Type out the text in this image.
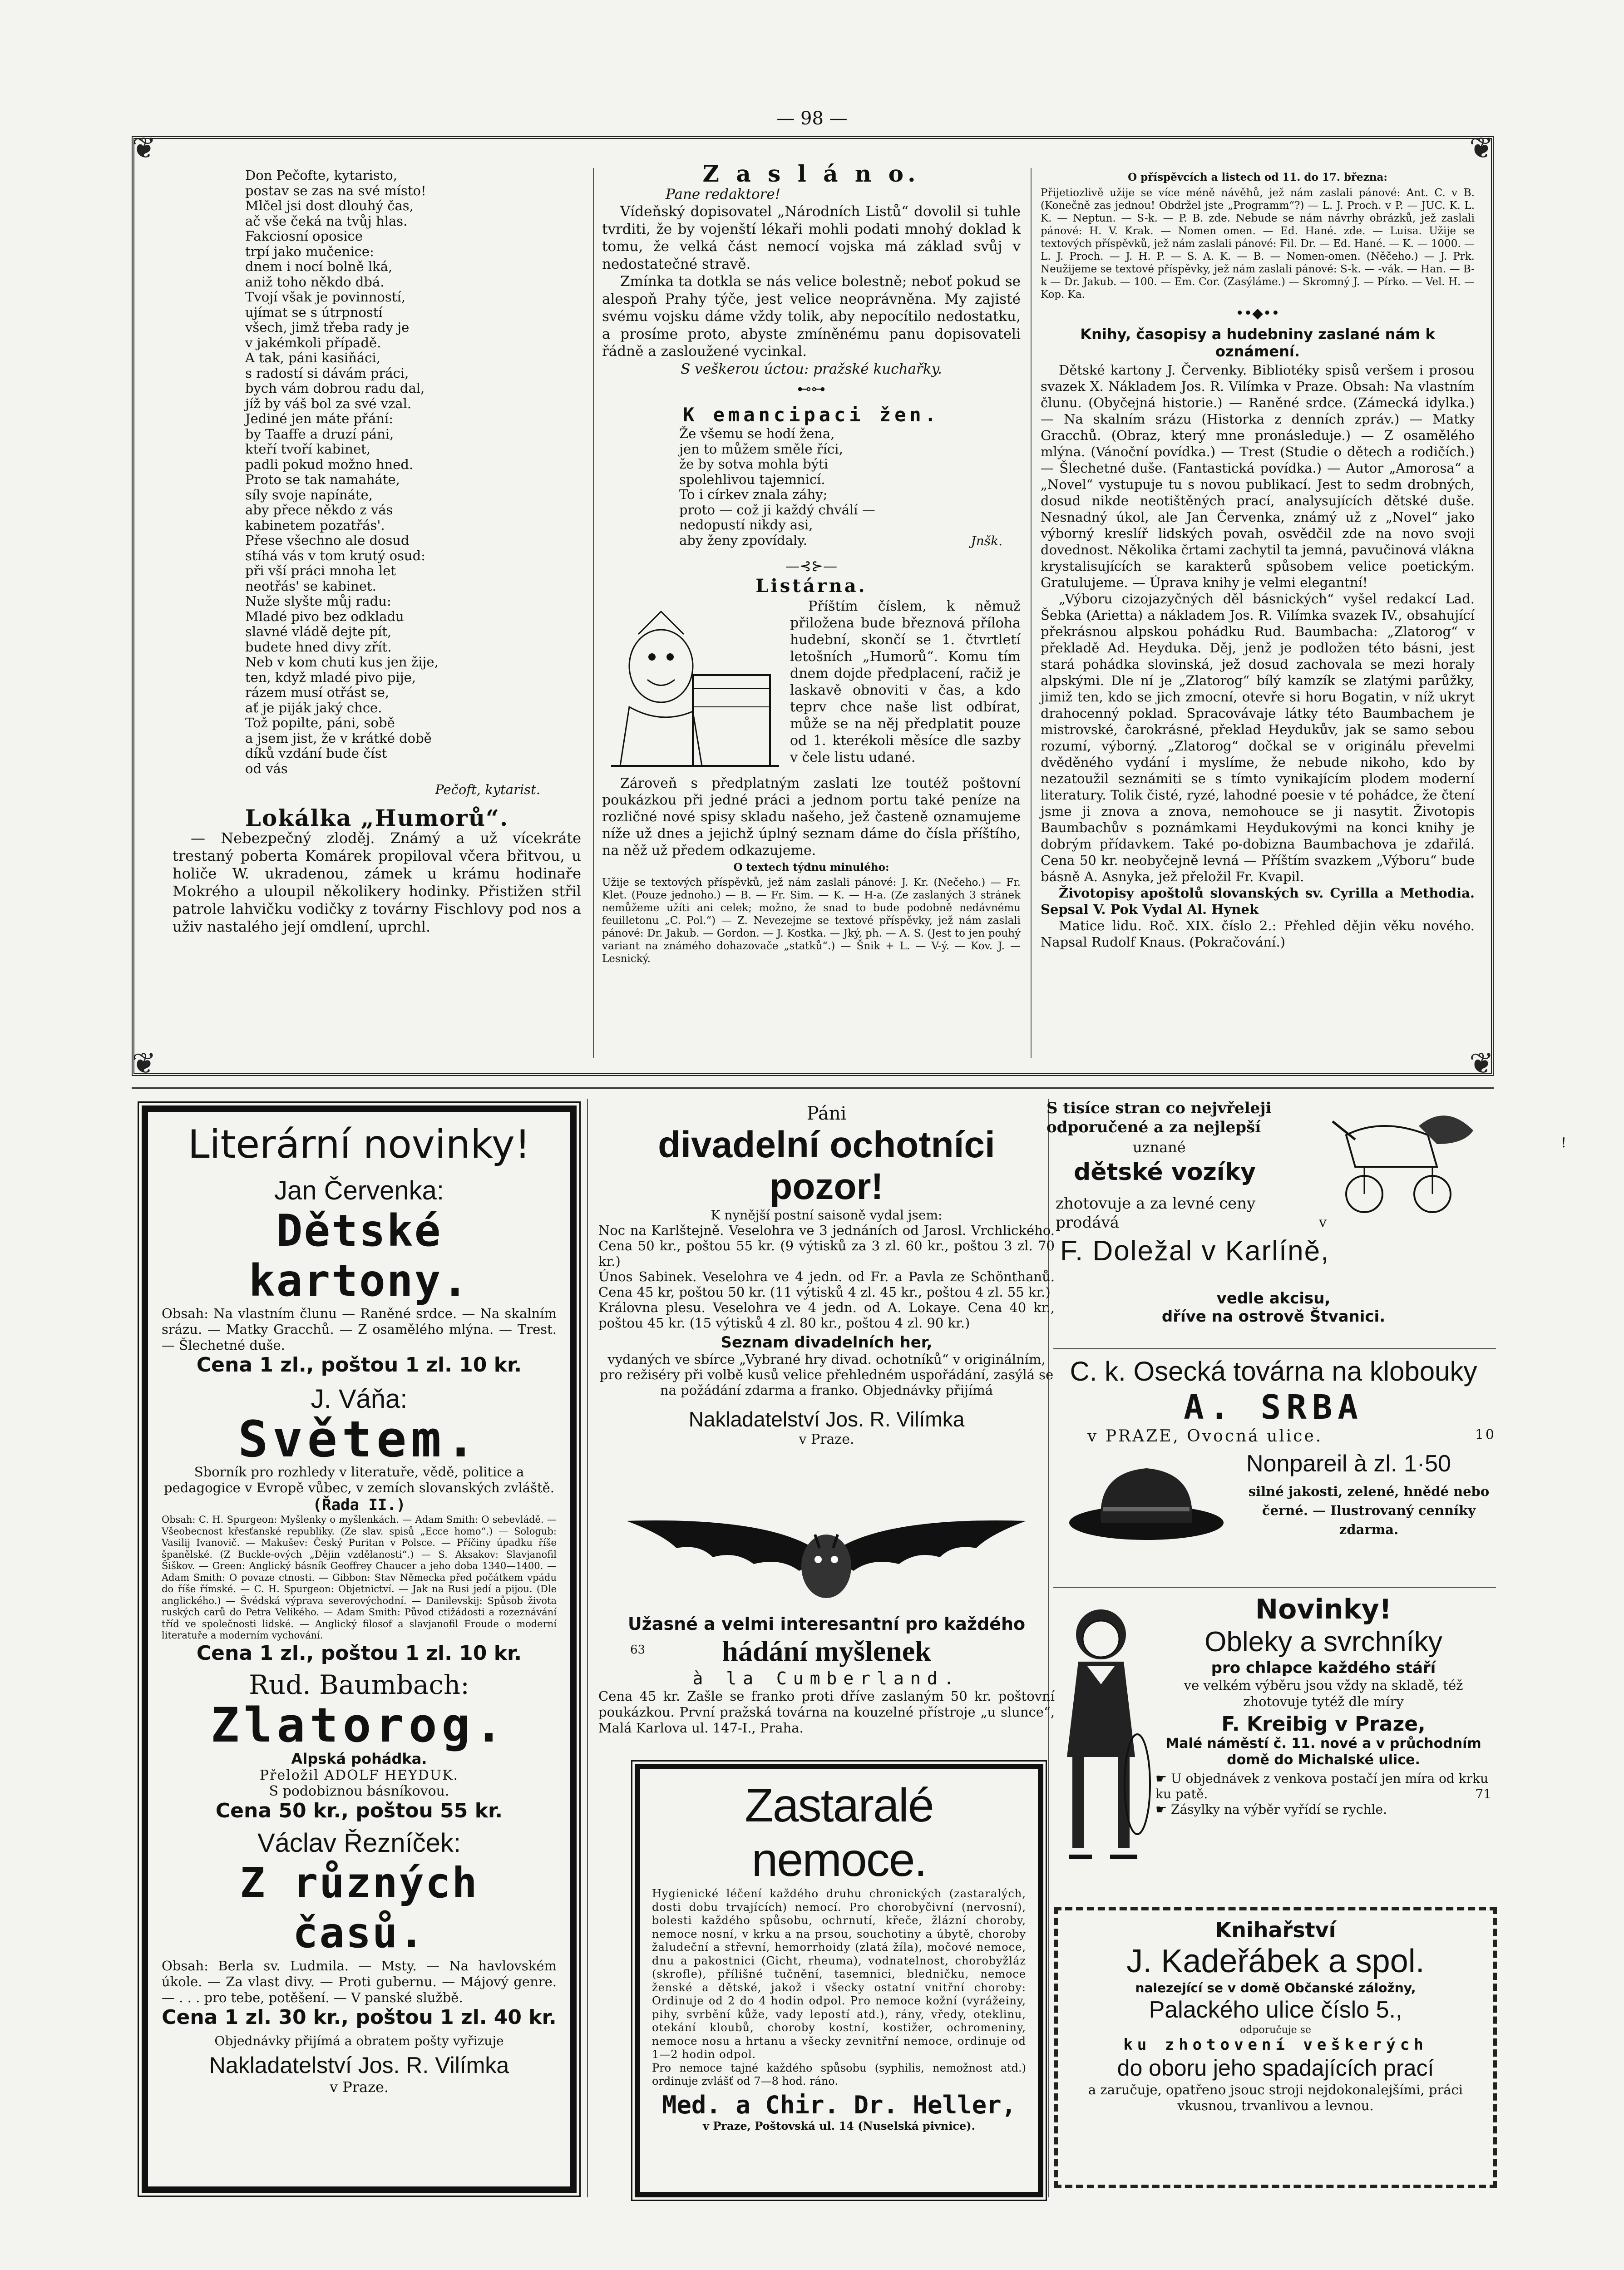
— 98 —
❦	❦
❦	❦
Don Pečofte, kytaristo,
postav se zas na své místo!
Mlčel jsi dost dlouhý čas,
ač vše čeká na tvůj hlas.
Fakciosní oposice
trpí jako mučenice:
dnem i nocí bolně lká,
aniž toho někdo dbá.
Tvojí však je povinností,
ujímat se s útrpností
všech, jimž třeba rady je
v jakémkoli případě.
A tak, páni kasiňáci,
s radostí si dávám práci,
bych vám dobrou radu dal,
jíž by váš bol za své vzal.
Jediné jen máte přání:
by Taaffe a druzí páni,
kteří tvoří kabinet,
padli pokud možno hned.
Proto se tak namaháte,
síly svoje napínáte,
aby přece někdo z vás
kabinetem pozatřás'.
Přese všechno ale dosud
stíhá vás v tom krutý osud:
při vší práci mnoha let
neotřás' se kabinet.
Nuže slyšte můj radu:
Mladé pivo bez odkladu
slavné vládě dejte pít,
budete hned divy zřít.
Neb v kom chuti kus jen žije,
ten, když mladé pivo pije,
rázem musí otřást se,
ať je piják jaký chce.
Tož popilte, páni, sobě
a jsem jist, že v krátké době
díků vzdání bude číst
od vás
Pečoft, kytarist.
Lokálka „Humorů“.

— Nebezpečný zloděj. Známý a už vícekráte trestaný poberta Komárek propiloval včera břitvou, u holiče W. ukradenou, zámek u krámu hodinaře Mokrého a uloupil několikery hodinky. Přistižen střil patrole lahvičku vodičky z továrny Fischlovy pod nos a uživ nastalého její omdlení, uprchl.

Z a s l á n o.

Pane redaktore!

Vídeňský dopisovatel „Národních Listů“ dovolil si tuhle tvrditi, že by vojenští lékaři mohli podati mnohý doklad k tomu, že velká část nemocí vojska má základ svůj v nedostatečné stravě.

Zmínka ta dotkla se nás velice bolestně; neboť pokud se alespoň Prahy týče, jest velice neoprávněna. My zajisté svému vojsku dáme vždy tolik, aby nepocítilo nedostatku, a prosíme proto, abyste zmíněnému panu dopisovateli řádně a zasloužené vycinkal.

S veškerou úctou: pražské kuchařky.

⊷⊶
K emancipaci žen.
Že všemu se hodí žena,
jen to můžem směle říci,
že by sotva mohla býti
spolehlivou tajemnicí.
To i církev znala záhy;
proto — což ji každý chválí —
nedopustí nikdy asi,
aby ženy zpovídaly.	Jnšk.
—⊰⊱—
Listárna.

Příštím číslem, k němuž přiložena bude březnová příloha hudební, skončí se 1. čtvrtletí letošních „Humorů“. Komu tím dnem dojde předplacení, račiž je laskavě obnoviti v čas, a kdo teprv chce naše list odbírat, může se na něj předplatit pouze od 1. kterékoli měsíce dle sazby v čele listu udané.

Zároveň s předplatným zaslati lze toutéž poštovní poukázkou při jedné práci a jednom portu také peníze na rozličné nové spisy skladu našeho, jež časteně oznamujeme níže už dnes a jejichž úplný seznam dáme do čísla příštího, na něž už předem odkazujeme.

O textech týdnu minulého:

Užije se textových příspěvků, jež nám zaslali pánové: J. Kr. (Nečeho.) — Fr. Klet. (Pouze jednoho.) — B. — Fr. Sim. — K. — H-a. (Ze zaslaných 3 stránek nemůžeme užíti ani celek; možno, že snad to bude podobně nedávnému feuilletonu „C. Pol.“) — Z. Nevezejme se textové příspěvky, jež nám zaslali pánové: Dr. Jakub. — Gordon. — J. Kostka. — Jký, ph. — A. S. (Jest to jen pouhý variant na známého dohazovače „statků“.) — Šnik + L. — V-ý. — Kov. J. — Lesnický.

O příspěvcích a listech od 11. do 17. března:

Přijetiozlivě užije se více méně návěhů, jež nám zaslali pánové: Ant. C. v B. (Konečně zas jednou! Obdržel jste „Programm“?) — L. J. Proch. v P. — JUC. K. L. K. — Neptun. — S-k. — P. B. zde. Nebude se nám návrhy obrázků, jež zaslali pánové: H. V. Krak. — Nomen omen. — Ed. Hané. zde. — Luisa. Užije se textových příspěvků, jež nám zaslali pánové: Fil. Dr. — Ed. Hané. — K. — 1000. — L. J. Proch. — J. H. P. — S. A. K. — B. — Nomen-omen. (Něčeho.) — J. Prk. Neužijeme se textové příspěvky, jež nám zaslali pánové: S-k. — -vák. — Han. — B-k — Dr. Jakub. — 100. — Em. Cor. (Zasýláme.) — Skromný J. — Pírko. — Vel. H. — Kop. Ka.
••◆••

Knihy, časopisy a hudebniny zaslané nám k oznámení.

Dětské kartony J. Červenky. Bibliotéky spisů veršem i prosou svazek X. Nákladem Jos. R. Vilímka v Praze. Obsah: Na vlastním člunu. (Obyčejná historie.) — Raněné srdce. (Zámecká idylka.) — Na skalním srázu (Historka z denních zpráv.) — Matky Gracchů. (Obraz, který mne pronásleduje.) — Z osamělého mlýna. (Vánoční povídka.) — Trest (Studie o dětech a rodičích.) — Šlechetné duše. (Fantastická povídka.) — Autor „Amorosa“ a „Novel“ vystupuje tu s novou publikací. Jest to sedm drobných, dosud nikde neotištěných prací, analysujících dětské duše. Nesnadný úkol, ale Jan Červenka, známý už z „Novel“ jako výborný kreslíř lidských povah, osvědčil zde na novo svoji dovednost. Několika črtami zachytil ta jemná, pavučinová vlákna krystalisujících se karakterů spůsobem velice poetickým. Gratulujeme. — Úprava knihy je velmi elegantní!

„Výboru cizojazyčných děl básnických“ vyšel redakcí Lad. Šebka (Arietta) a nákladem Jos. R. Vilímka svazek IV., obsahující překrásnou alpskou pohádku Rud. Baumbacha: „Zlatorog“ v překladě Ad. Heyduka. Děj, jenž je podložen této básni, jest stará pohádka slovinská, jež dosud zachovala se mezi horaly alpskými. Dle ní je „Zlatorog“ bílý kamzík se zlatými parůžky, jimiž ten, kdo se jich zmocní, otevře si horu Bogatin, v níž ukryt drahocenný poklad. Spracovávaje látky této Baumbachem je mistrovské, čarokrásné, překlad Heydukův, jak se samo sebou rozumí, výborný. „Zlatorog“ dočkal se v originálu převelmi dvěděného vydání i myslíme, že nebude nikoho, kdo by nezatoužil seznámiti se s tímto vynikajícím plodem moderní literatury. Tolik čisté, ryzé, lahodné poesie v té pohádce, že čtení jsme ji znova a znova, nemohouce se ji nasytit. Životopis Baumbachův s poznámkami Heydukovými na konci knihy je dobrým přídavkem. Také po-dobizna Baumbachova je zdařilá. Cena 50 kr. neobyčejně levná — Příštím svazkem „Výboru“ bude básně A. Asnyka, jež přeložil Fr. Kvapil.

Životopisy apoštolů slovanských sv. Cyrilla a Methodia. Sepsal V. Pok Vydal Al. Hynek

Matice lidu. Roč. XIX. číslo 2.: Přehled dějin věku nového. Napsal Rudolf Knaus. (Pokračování.)

Literární novinky!
Jan Červenka:
Dětské kartony.
Obsah: Na vlastním člunu — Raněné srdce. — Na skalním srázu. — Matky Gracchů. — Z osamělého mlýna. — Trest. — Šlechetné duše.
Cena 1 zl., poštou 1 zl. 10 kr.
J. Váňa:
Světem.
Sborník pro rozhledy v literatuře, vědě, politice a pedagogice v Evropě vůbec, v zemích slovanských zvláště.
(Řada II.)
Obsah: C. H. Spurgeon: Myšlenky o myšlenkách. — Adam Smith: O sebevládě. — Všeobecnost křesťanské republiky. (Ze slav. spisů „Ecce homo“.) — Sologub: Vasilij Ivanovič. — Makušev: Český Puritan v Polsce. — Příčiny úpadku říše španělské. (Z Buckle-ových „Dějin vzdělanosti“.) — S. Aksakov: Slavjanofil Šiškov. — Green: Anglický básník Geoffrey Chaucer a jeho doba 1340—1400. — Adam Smith: O povaze ctnosti. — Gibbon: Stav Německa před počátkem vpádu do říše římské. — C. H. Spurgeon: Objetnictví. — Jak na Rusi jedí a pijou. (Dle anglického.) — Švédská výprava severovýchodní. — Danilevskij: Spůsob života ruských carů do Petra Velikého. — Adam Smith: Původ ctižádosti a rozeznávání tříd ve společnosti lidské. — Anglický filosof a slavjanofil Froude o moderní literatuře a moderním vychování.
Cena 1 zl., poštou 1 zl. 10 kr.
Rud. Baumbach:
Zlatorog.
Alpská pohádka.
Přeložil ADOLF HEYDUK.
S podobiznou básníkovou.
Cena 50 kr., poštou 55 kr.
Václav Řezníček:
Z různých časů.
Obsah: Berla sv. Ludmila. — Msty. — Na havlovském úkole. — Za vlast divy. — Proti gubernu. — Májový genre. — . . . pro tebe, potěšení. — V panské službě.
Cena 1 zl. 30 kr., poštou 1 zl. 40 kr.
Objednávky přijímá a obratem pošty vyřizuje
Nakladatelství Jos. R. Vilímka
v Praze.
Páni
divadelní ochotníci pozor!
K nynější postní saisoně vydal jsem:
Noc na Karlštejně. Veselohra ve 3 jednáních od Jarosl. Vrchlického. Cena 50 kr., poštou 55 kr. (9 výtisků za 3 zl. 60 kr., poštou 3 zl. 70 kr.)
Únos Sabinek. Veselohra ve 4 jedn. od Fr. a Pavla ze Schönthanů. Cena 45 kr, poštou 50 kr. (11 výtisků 4 zl. 45 kr., poštou 4 zl. 55 kr.)
Královna plesu. Veselohra ve 4 jedn. od A. Lokaye. Cena 40 kr., poštou 45 kr. (15 výtisků 4 zl. 80 kr., poštou 4 zl. 90 kr.)
Seznam divadelních her,
vydaných ve sbírce „Vybrané hry divad. ochotníků“ v originálním, pro režiséry při volbě kusů velice přehledném uspořádání, zasýlá se na požádání zdarma a franko. Objednávky přijímá
Nakladatelství Jos. R. Vilímka
v Praze.
Užasné a velmi interesantní pro každého
63	hádání myšlenek
à la Cumberland.
Cena 45 kr. Zašle se franko proti dříve zaslaným 50 kr. poštovní poukázkou. První pražská továrna na kouzelné přístroje „u slunce“, Malá Karlova ul. 147-I., Praha.
Zastaralé nemoce.
Hygienické léčení každého druhu chronických (zastaralých, dosti dobu trvajících) nemocí. Pro chorobyčivní (nervosní), bolesti každého spůsobu, ochrnutí, křeče, žlázní choroby, nemoce nosní, v krku a na prsou, souchotiny a úbytě, choroby žaludeční a střevní, hemorrhoidy (zlatá žíla), močové nemoce, dnu a pakostnici (Gicht, rheuma), vodnatelnost, chorobyžláz (skrofle), přílišné tučnění, tasemnici, bledničku, nemoce ženské a dětské, jakož i všecky ostatní vnitřní choroby: Ordinuje od 2 do 4 hodin odpol. Pro nemoce kožní (vyrážeiny, pihy, svrbění kůže, vady lepostí atd.), rány, vředy, oteklinu, otekání kloubů, choroby kostní, kostižer, ochromeniny, nemoce nosu a hrtanu a všecky zevnitřní nemoce, ordinuje od 1—2 hodin odpol.
Pro nemoce tajné každého spůsobu (syphilis, nemožnost atd.) ordinuje zvlášť od 7—8 hod. ráno.
Med. a Chir. Dr. Heller,
v Praze, Poštovská ul. 14 (Nuselská pivnice).
S tisíce stran co nejvřeleji odporučené a za nejlepší
uznané
dětské vozíky
zhotovuje a za levné ceny prodává	v
F. Doležal v Karlíně,
vedle akcisu,
dříve na ostrově Štvanici.
C. k. Osecká továrna na klobouky
A. SRBA
v PRAZE, Ovocná ulice.	10
Nonpareil à zl. 1·50
silné jakosti, zelené, hnědé nebo černé. — Ilustrovaný cenníky zdarma.
Novinky!
Obleky a svrchníky
pro chlapce každého stáří
ve velkém výběru jsou vždy na skladě, též zhotovuje tytéž dle míry
F. Kreibig v Praze,
Malé náměstí č. 11. nové a v průchodním domě do Michalské ulice.
☛ U objednávek z venkova postačí jen míra od krku ku patě.	71
☛ Zásylky na výběr vyřídí se rychle.
Knihařství
J. Kadeřábek a spol.
nalezející se v domě Občanské záložny,
Palackého ulice číslo 5.,
odporučuje se
ku zhotovení veškerých
do oboru jeho spadajících prací
a zaručuje, opatřeno jsouc stroji nejdokonalejšími, práci vkusnou, trvanlivou a levnou.
!
